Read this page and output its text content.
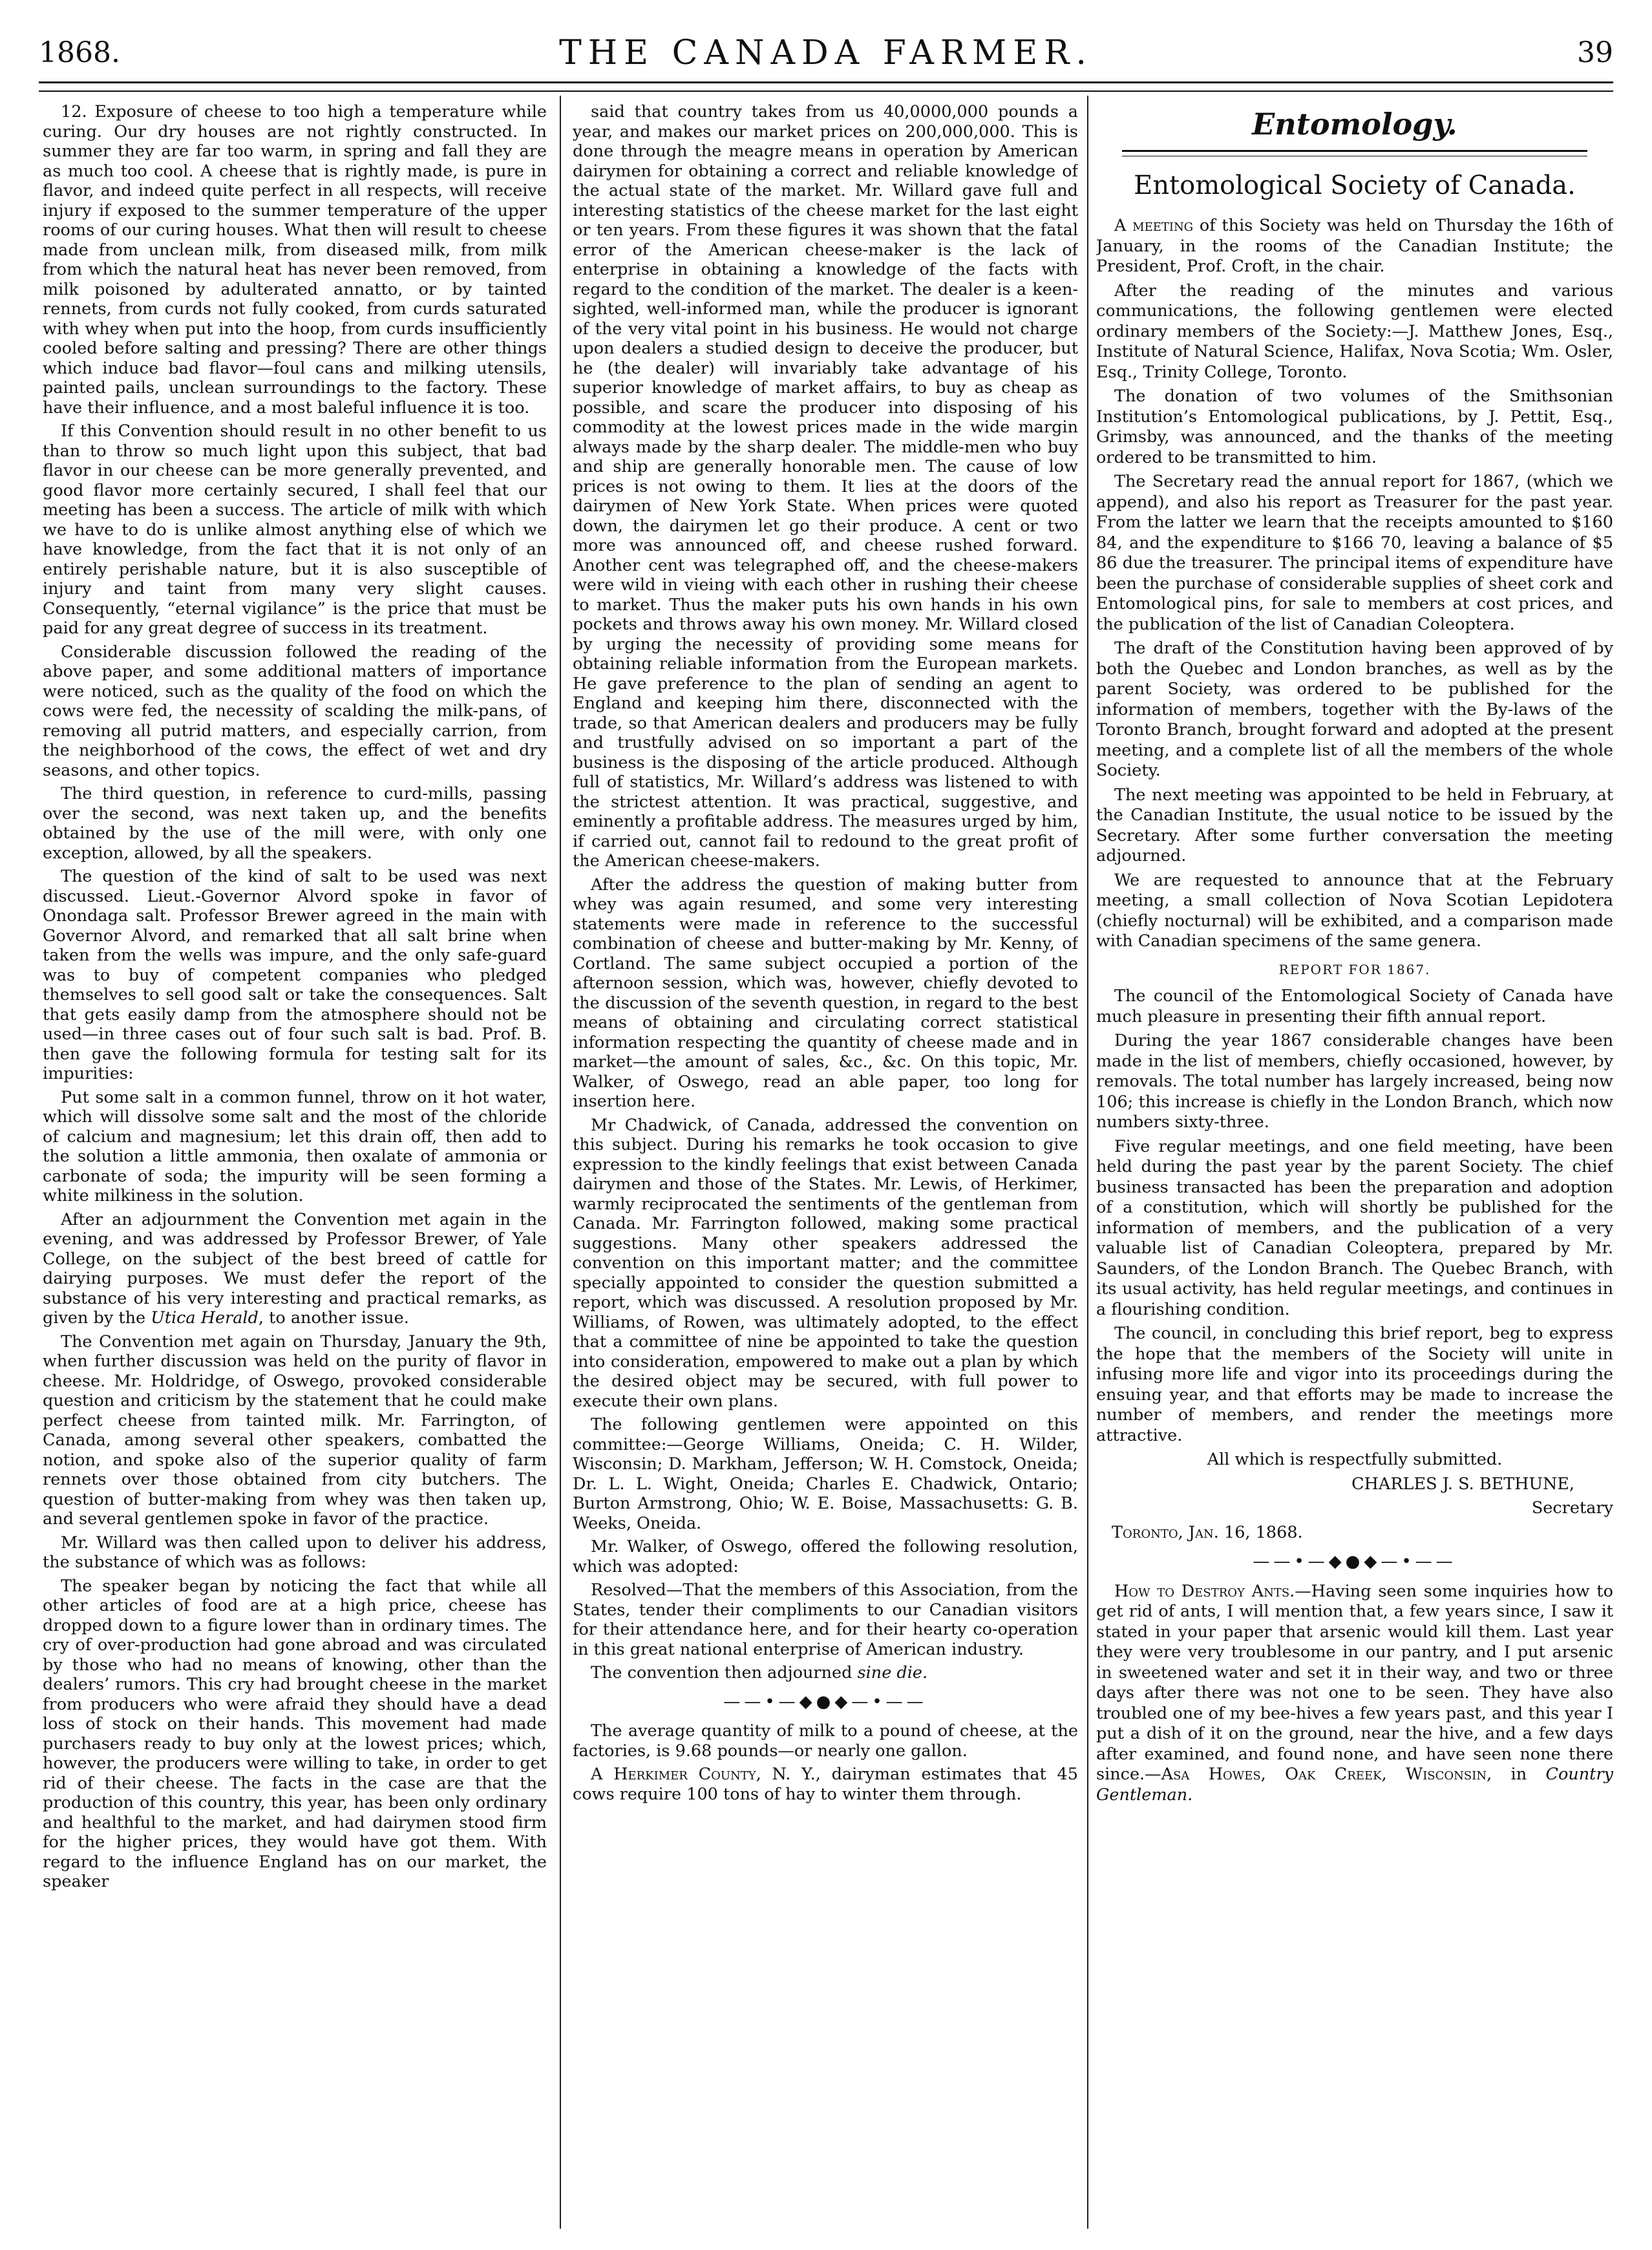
1868.	THE CANADA FARMER.	39

12. Exposure of cheese to too high a temperature while curing. Our dry houses are not rightly constructed. In summer they are far too warm, in spring and fall they are as much too cool. A cheese that is rightly made, is pure in flavor, and indeed quite perfect in all respects, will receive injury if exposed to the summer temperature of the upper rooms of our curing houses. What then will result to cheese made from unclean milk, from diseased milk, from milk from which the natural heat has never been removed, from milk poisoned by adulterated annatto, or by tainted rennets, from curds not fully cooked, from curds saturated with whey when put into the hoop, from curds insufficiently cooled before salting and pressing? There are other things which induce bad flavor—foul cans and milking utensils, painted pails, unclean surroundings to the factory. These have their influence, and a most baleful influence it is too.

If this Convention should result in no other benefit to us than to throw so much light upon this subject, that bad flavor in our cheese can be more generally prevented, and good flavor more certainly secured, I shall feel that our meeting has been a success. The article of milk with which we have to do is unlike almost anything else of which we have knowledge, from the fact that it is not only of an entirely perishable nature, but it is also susceptible of injury and taint from many very slight causes. Consequently, “eternal vigilance” is the price that must be paid for any great degree of success in its treatment.

Considerable discussion followed the reading of the above paper, and some additional matters of importance were noticed, such as the quality of the food on which the cows were fed, the necessity of scalding the milk-pans, of removing all putrid matters, and especially carrion, from the neighborhood of the cows, the effect of wet and dry seasons, and other topics.

The third question, in reference to curd-mills, passing over the second, was next taken up, and the benefits obtained by the use of the mill were, with only one exception, allowed, by all the speakers.

The question of the kind of salt to be used was next discussed. Lieut.-Governor Alvord spoke in favor of Onondaga salt. Professor Brewer agreed in the main with Governor Alvord, and remarked that all salt brine when taken from the wells was impure, and the only safe-guard was to buy of competent companies who pledged themselves to sell good salt or take the consequences. Salt that gets easily damp from the atmosphere should not be used—in three cases out of four such salt is bad. Prof. B. then gave the following formula for testing salt for its impurities:

Put some salt in a common funnel, throw on it hot water, which will dissolve some salt and the most of the chloride of calcium and magnesium; let this drain off, then add to the solution a little ammonia, then oxalate of ammonia or carbonate of soda; the impurity will be seen forming a white milkiness in the solution.

After an adjournment the Convention met again in the evening, and was addressed by Professor Brewer, of Yale College, on the subject of the best breed of cattle for dairying purposes. We must defer the report of the substance of his very interesting and practical remarks, as given by the Utica Herald, to another issue.

The Convention met again on Thursday, January the 9th, when further discussion was held on the purity of flavor in cheese. Mr. Holdridge, of Oswego, provoked considerable question and criticism by the statement that he could make perfect cheese from tainted milk. Mr. Farrington, of Canada, among several other speakers, combatted the notion, and spoke also of the superior quality of farm rennets over those obtained from city butchers. The question of butter-making from whey was then taken up, and several gentlemen spoke in favor of the practice.

Mr. Willard was then called upon to deliver his address, the substance of which was as follows:

The speaker began by noticing the fact that while all other articles of food are at a high price, cheese has dropped down to a figure lower than in ordinary times. The cry of over-production had gone abroad and was circulated by those who had no means of knowing, other than the dealers’ rumors. This cry had brought cheese in the market from producers who were afraid they should have a dead loss of stock on their hands. This movement had made purchasers ready to buy only at the lowest prices; which, however, the producers were willing to take, in order to get rid of their cheese. The facts in the case are that the production of this country, this year, has been only ordinary and healthful to the market, and had dairymen stood firm for the higher prices, they would have got them. With regard to the influence England has on our market, the speaker

said that country takes from us 40,0000,000 pounds a year, and makes our market prices on 200,000,000. This is done through the meagre means in operation by American dairymen for obtaining a correct and reliable knowledge of the actual state of the market. Mr. Willard gave full and interesting statistics of the cheese market for the last eight or ten years. From these figures it was shown that the fatal error of the American cheese-maker is the lack of enterprise in obtaining a knowledge of the facts with regard to the condition of the market. The dealer is a keen-sighted, well-informed man, while the producer is ignorant of the very vital point in his business. He would not charge upon dealers a studied design to deceive the producer, but he (the dealer) will invariably take advantage of his superior knowledge of market affairs, to buy as cheap as possible, and scare the producer into disposing of his commodity at the lowest prices made in the wide margin always made by the sharp dealer. The middle-men who buy and ship are generally honorable men. The cause of low prices is not owing to them. It lies at the doors of the dairymen of New York State. When prices were quoted down, the dairymen let go their produce. A cent or two more was announced off, and cheese rushed forward. Another cent was telegraphed off, and the cheese-makers were wild in vieing with each other in rushing their cheese to market. Thus the maker puts his own hands in his own pockets and throws away his own money. Mr. Willard closed by urging the necessity of providing some means for obtaining reliable information from the European markets. He gave preference to the plan of sending an agent to England and keeping him there, disconnected with the trade, so that American dealers and producers may be fully and trustfully advised on so important a part of the business is the disposing of the article produced. Although full of statistics, Mr. Willard’s address was listened to with the strictest attention. It was practical, suggestive, and eminently a profitable address. The measures urged by him, if carried out, cannot fail to redound to the great profit of the American cheese-makers.

After the address the question of making butter from whey was again resumed, and some very interesting statements were made in reference to the successful combination of cheese and butter-making by Mr. Kenny, of Cortland. The same subject occupied a portion of the afternoon session, which was, however, chiefly devoted to the discussion of the seventh question, in regard to the best means of obtaining and circulating correct statistical information respecting the quantity of cheese made and in market—the amount of sales, &c., &c. On this topic, Mr. Walker, of Oswego, read an able paper, too long for insertion here.

Mr Chadwick, of Canada, addressed the convention on this subject. During his remarks he took occasion to give expression to the kindly feelings that exist between Canada dairymen and those of the States. Mr. Lewis, of Herkimer, warmly reciprocated the sentiments of the gentleman from Canada. Mr. Farrington followed, making some practical suggestions. Many other speakers addressed the convention on this important matter; and the committee specially appointed to consider the question submitted a report, which was discussed. A resolution proposed by Mr. Williams, of Rowen, was ultimately adopted, to the effect that a committee of nine be appointed to take the question into consideration, empowered to make out a plan by which the desired object may be secured, with full power to execute their own plans.

The following gentlemen were appointed on this committee:—George Williams, Oneida; C. H. Wilder, Wisconsin; D. Markham, Jefferson; W. H. Comstock, Oneida; Dr. L. L. Wight, Oneida; Charles E. Chadwick, Ontario; Burton Armstrong, Ohio; W. E. Boise, Massachusetts: G. B. Weeks, Oneida.

Mr. Walker, of Oswego, offered the following resolution, which was adopted:

Resolved—That the members of this Association, from the States, tender their compliments to our Canadian visitors for their attendance here, and for their hearty co-operation in this great national enterprise of American industry.

The convention then adjourned sine die.

——•—◆●◆—•——

The average quantity of milk to a pound of cheese, at the factories, is 9.68 pounds—or nearly one gallon.

A Herkimer County, N. Y., dairyman estimates that 45 cows require 100 tons of hay to winter them through.

Entomology.
Entomological Society of Canada.

A meeting of this Society was held on Thursday the 16th of January, in the rooms of the Canadian Institute; the President, Prof. Croft, in the chair.

After the reading of the minutes and various communications, the following gentlemen were elected ordinary members of the Society:—J. Matthew Jones, Esq., Institute of Natural Science, Halifax, Nova Scotia; Wm. Osler, Esq., Trinity College, Toronto.

The donation of two volumes of the Smithsonian Institution’s Entomological publications, by J. Pettit, Esq., Grimsby, was announced, and the thanks of the meeting ordered to be transmitted to him.

The Secretary read the annual report for 1867, (which we append), and also his report as Treasurer for the past year. From the latter we learn that the receipts amounted to $160 84, and the expenditure to $166 70, leaving a balance of $5 86 due the treasurer. The principal items of expenditure have been the purchase of considerable supplies of sheet cork and Entomological pins, for sale to members at cost prices, and the publication of the list of Canadian Coleoptera.

The draft of the Constitution having been approved of by both the Quebec and London branches, as well as by the parent Society, was ordered to be published for the information of members, together with the By-laws of the Toronto Branch, brought forward and adopted at the present meeting, and a complete list of all the members of the whole Society.

The next meeting was appointed to be held in February, at the Canadian Institute, the usual notice to be issued by the Secretary. After some further conversation the meeting adjourned.

We are requested to announce that at the February meeting, a small collection of Nova Scotian Lepidotera (chiefly nocturnal) will be exhibited, and a comparison made with Canadian specimens of the same genera.

REPORT FOR 1867.

The council of the Entomological Society of Canada have much pleasure in presenting their fifth annual report.

During the year 1867 considerable changes have been made in the list of members, chiefly occasioned, however, by removals. The total number has largely increased, being now 106; this increase is chiefly in the London Branch, which now numbers sixty-three.

Five regular meetings, and one field meeting, have been held during the past year by the parent Society. The chief business transacted has been the preparation and adoption of a constitution, which will shortly be published for the information of members, and the publication of a very valuable list of Canadian Coleoptera, prepared by Mr. Saunders, of the London Branch. The Quebec Branch, with its usual activity, has held regular meetings, and continues in a flourishing condition.

The council, in concluding this brief report, beg to express the hope that the members of the Society will unite in infusing more life and vigor into its proceedings during the ensuing year, and that efforts may be made to increase the number of members, and render the meetings more attractive.

All which is respectfully submitted.

CHARLES J. S. BETHUNE,

Secretary

Toronto, Jan. 16, 1868.

——•—◆●◆—•——

How to Destroy Ants.—Having seen some inquiries how to get rid of ants, I will mention that, a few years since, I saw it stated in your paper that arsenic would kill them. Last year they were very troublesome in our pantry, and I put arsenic in sweetened water and set it in their way, and two or three days after there was not one to be seen. They have also troubled one of my bee-hives a few years past, and this year I put a dish of it on the ground, near the hive, and a few days after examined, and found none, and have seen none there since.—Asa Howes, Oak Creek, Wisconsin, in Country Gentleman.
